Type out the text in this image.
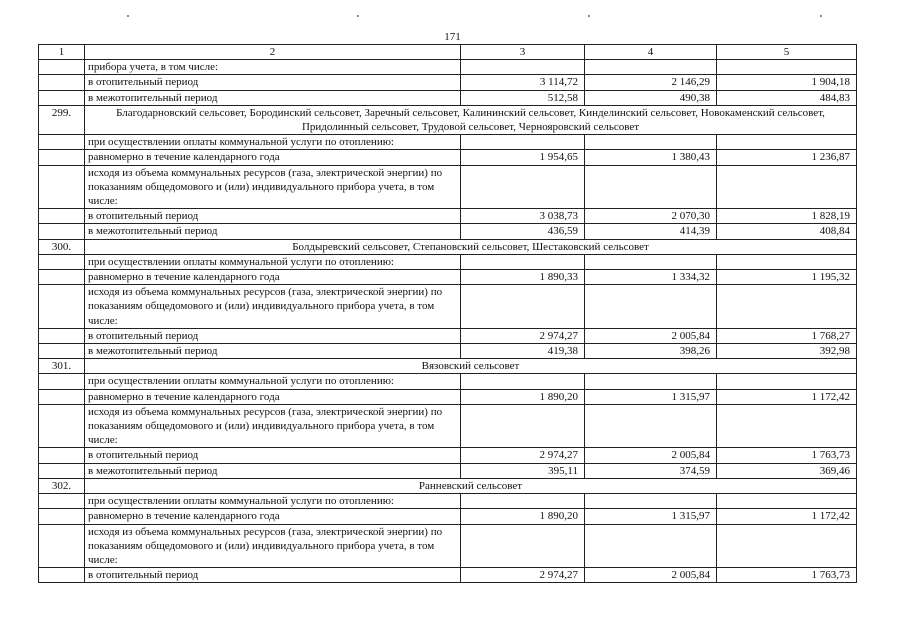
171
1	2	3	4	5
	прибора учета, в том числе:			
	в отопительный период	3 114,72	2 146,29	1 904,18
	в межотопительный период	512,58	490,38	484,83
299.	Благодарновский сельсовет, Бородинский сельсовет, Заречный сельсовет, Калининский сельсовет, Кинделинский сельсовет, Новокаменский сельсовет, Придолинный сельсовет, Трудовой сельсовет, Чернояровский сельсовет			
	при осуществлении оплаты коммунальной услуги по отоплению:			
	равномерно в течение календарного года	1 954,65	1 380,43	1 236,87
	исходя из объема коммунальных ресурсов (газа, электрической энергии) по показаниям общедомового и (или) индивидуального прибора учета, в том числе:			
	в отопительный период	3 038,73	2 070,30	1 828,19
	в межотопительный период	436,59	414,39	408,84
300.	Болдыревский сельсовет, Степановский сельсовет, Шестаковский сельсовет			
	при осуществлении оплаты коммунальной услуги по отоплению:			
	равномерно в течение календарного года	1 890,33	1 334,32	1 195,32
	исходя из объема коммунальных ресурсов (газа, электрической энергии) по показаниям общедомового и (или) индивидуального прибора учета, в том числе:			
	в отопительный период	2 974,27	2 005,84	1 768,27
	в межотопительный период	419,38	398,26	392,98
301.	Вязовский сельсовет			
	при осуществлении оплаты коммунальной услуги по отоплению:			
	равномерно в течение календарного года	1 890,20	1 315,97	1 172,42
	исходя из объема коммунальных ресурсов (газа, электрической энергии) по показаниям общедомового и (или) индивидуального прибора учета, в том числе:			
	в отопительный период	2 974,27	2 005,84	1 763,73
	в межотопительный период	395,11	374,59	369,46
302.	Ранневский сельсовет			
	при осуществлении оплаты коммунальной услуги по отоплению:			
	равномерно в течение календарного года	1 890,20	1 315,97	1 172,42
	исходя из объема коммунальных ресурсов (газа, электрической энергии) по показаниям общедомового и (или) индивидуального прибора учета, в том числе:			
	в отопительный период	2 974,27	2 005,84	1 763,73
